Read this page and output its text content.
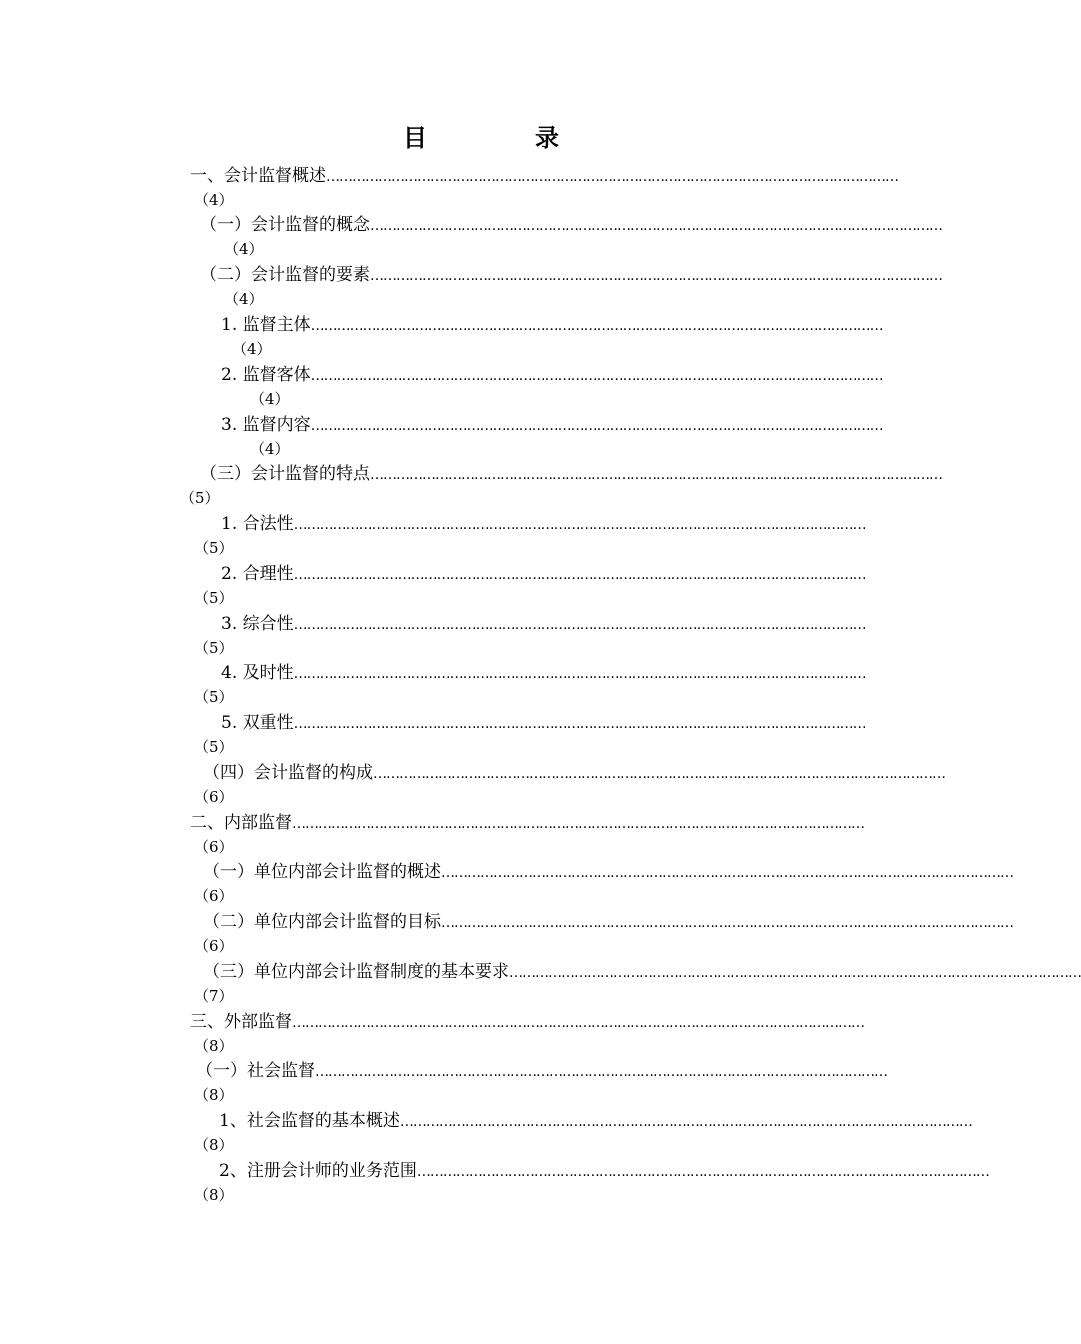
目　录
一、会计监督概述 ……………………………………………………………………………………………………………………
（4）
（一）会计监督的概念 ……………………………………………………………………………………………………………………
（4）
（二）会计监督的要素 ……………………………………………………………………………………………………………………
（4）
1. 监督主体 ……………………………………………………………………………………………………………………
（4）
2. 监督客体 ……………………………………………………………………………………………………………………
（4）
3. 监督内容 ……………………………………………………………………………………………………………………
（4）
（三）会计监督的特点 ……………………………………………………………………………………………………………………
（5）
1. 合法性 ……………………………………………………………………………………………………………………
（5）
2. 合理性 ……………………………………………………………………………………………………………………
（5）
3. 综合性 ……………………………………………………………………………………………………………………
（5）
4. 及时性 ……………………………………………………………………………………………………………………
（5）
5. 双重性 ……………………………………………………………………………………………………………………
（5）
（四）会计监督的构成 ……………………………………………………………………………………………………………………
（6）
二、内部监督 ……………………………………………………………………………………………………………………
（6）
（一）单位内部会计监督的概述 ……………………………………………………………………………………………………………………
（6）
（二）单位内部会计监督的目标 ……………………………………………………………………………………………………………………
（6）
（三）单位内部会计监督制度的基本要求 ……………………………………………………………………………………………………………………
（7）
三、外部监督 ……………………………………………………………………………………………………………………
（8）
（一）社会监督 ……………………………………………………………………………………………………………………
（8）
1、社会监督的基本概述 ……………………………………………………………………………………………………………………
（8）
2、注册会计师的业务范围 ……………………………………………………………………………………………………………………
（8）
